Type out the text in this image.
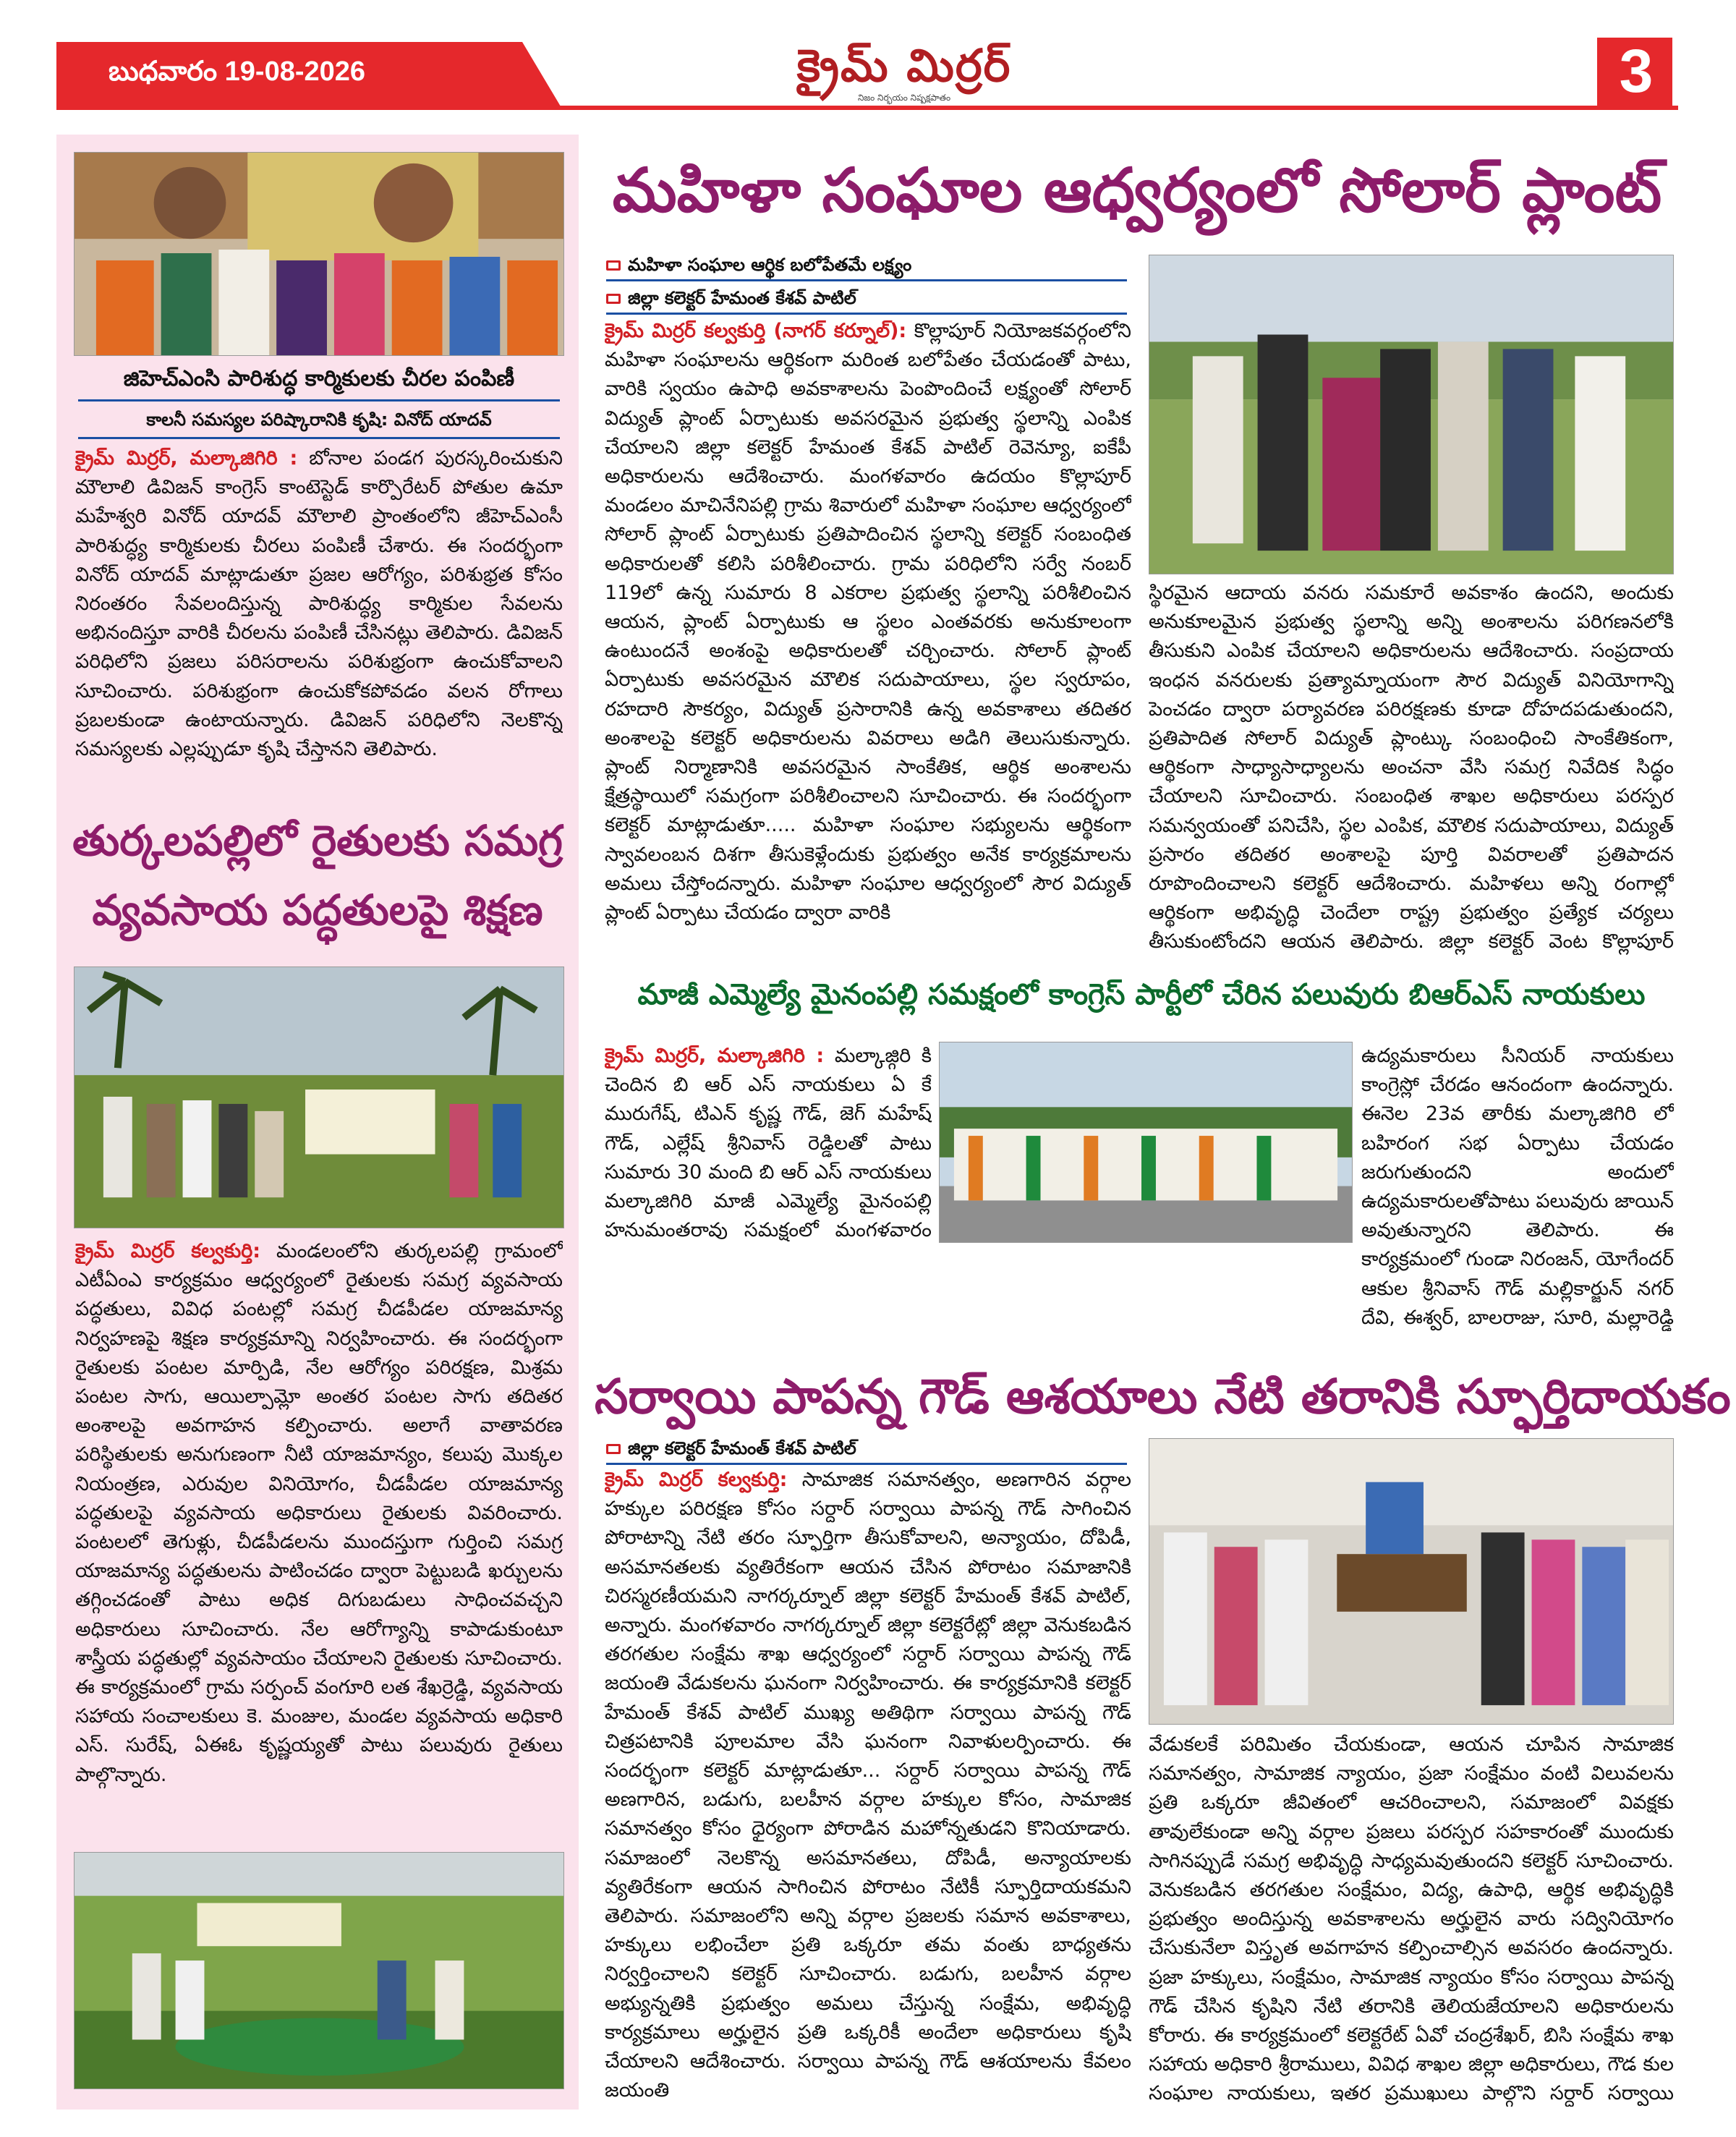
బుధవారం 19-08-2026	క్రైమ్ మిర్రర్
నిజం నిర్భయం నిష్పక్షపాతం	3
జిహెచ్ఎంసి పారిశుద్ధ కార్మికులకు చీరల పంపిణీ
కాలనీ సమస్యల పరిష్కారానికి కృషి: వినోద్ యాదవ్
క్రైమ్ మిర్రర్, మల్కాజిగిరి : బోనాల పండగ పురస్కరించుకుని మౌలాలి డివిజన్ కాంగ్రెస్ కాంటెస్టెడ్ కార్పొరేటర్ పోతుల ఉమా మహేశ్వరి వినోద్ యాదవ్ మౌలాలి ప్రాంతంలోని జీహెచ్ఎంసీ పారిశుద్ధ్య కార్మికులకు చీరలు పంపిణీ చేశారు. ఈ సందర్భంగా వినోద్ యాదవ్ మాట్లాడుతూ ప్రజల ఆరోగ్యం, పరిశుభ్రత కోసం నిరంతరం సేవలందిస్తున్న పారిశుద్ధ్య కార్మికుల సేవలను అభినందిస్తూ వారికి చీరలను పంపిణీ చేసినట్లు తెలిపారు. డివిజన్ పరిధిలోని ప్రజలు పరిసరాలను పరిశుభ్రంగా ఉంచుకోవాలని సూచించారు. పరిశుభ్రంగా ఉంచుకోకపోవడం వలన రోగాలు ప్రబలకుండా ఉంటాయన్నారు. డివిజన్ పరిధిలోని నెలకొన్న సమస్యలకు ఎల్లప్పుడూ కృషి చేస్తానని తెలిపారు.
తుర్కలపల్లిలో రైతులకు సమగ్ర
వ్యవసాయ పద్ధతులపై శిక్షణ
క్రైమ్ మిర్రర్ కల్వకుర్తి: మండలంలోని తుర్కలపల్లి గ్రామంలో ఎటీఏంఎ కార్యక్రమం ఆధ్వర్యంలో రైతులకు సమగ్ర వ్యవసాయ పద్ధతులు, వివిధ పంటల్లో సమగ్ర చీడపీడల యాజమాన్య నిర్వహణపై శిక్షణ కార్యక్రమాన్ని నిర్వహించారు. ఈ సందర్భంగా రైతులకు పంటల మార్పిడి, నేల ఆరోగ్యం పరిరక్షణ, మిశ్రమ పంటల సాగు, ఆయిల్పామ్లో అంతర పంటల సాగు తదితర అంశాలపై అవగాహన కల్పించారు. అలాగే వాతావరణ పరిస్థితులకు అనుగుణంగా నీటి యాజమాన్యం, కలుపు మొక్కల నియంత్రణ, ఎరువుల వినియోగం, చీడపీడల యాజమాన్య పద్ధతులపై వ్యవసాయ అధికారులు రైతులకు వివరించారు. పంటలలో తెగుళ్లు, చీడపీడలను ముందస్తుగా గుర్తించి సమగ్ర యాజమాన్య పద్ధతులను పాటించడం ద్వారా పెట్టుబడి ఖర్చులను తగ్గించడంతో పాటు అధిక దిగుబడులు సాధించవచ్చని అధికారులు సూచించారు. నేల ఆరోగ్యాన్ని కాపాడుకుంటూ శాస్త్రీయ పద్ధతుల్లో వ్యవసాయం చేయాలని రైతులకు సూచించారు. ఈ కార్యక్రమంలో గ్రామ సర్పంచ్ వంగూరి లత శేఖర్రెడ్డి, వ్యవసాయ సహాయ సంచాలకులు కె. మంజుల, మండల వ్యవసాయ అధికారి ఎస్. సురేష్, ఏఈఓ కృష్ణయ్యతో పాటు పలువురు రైతులు పాల్గొన్నారు.
మహిళా సంఘాల ఆధ్వర్యంలో సోలార్ ప్లాంట్
మహిళా సంఘాల ఆర్థిక బలోపేతమే లక్ష్యం
జిల్లా కలెక్టర్ హేమంత కేశవ్ పాటిల్
క్రైమ్ మిర్రర్ కల్వకుర్తి (నాగర్ కర్నూల్): కొల్లాపూర్ నియోజకవర్గంలోని మహిళా సంఘాలను ఆర్థికంగా మరింత బలోపేతం చేయడంతో పాటు, వారికి స్వయం ఉపాధి అవకాశాలను పెంపొందించే లక్ష్యంతో సోలార్ విద్యుత్ ప్లాంట్ ఏర్పాటుకు అవసరమైన ప్రభుత్వ స్థలాన్ని ఎంపిక చేయాలని జిల్లా కలెక్టర్ హేమంత కేశవ్ పాటిల్ రెవెన్యూ, ఐకేపీ అధికారులను ఆదేశించారు. మంగళవారం ఉదయం కొల్లాపూర్ మండలం మాచినేనిపల్లి గ్రామ శివారులో మహిళా సంఘాల ఆధ్వర్యంలో సోలార్ ప్లాంట్ ఏర్పాటుకు ప్రతిపాదించిన స్థలాన్ని కలెక్టర్ సంబంధిత అధికారులతో కలిసి పరిశీలించారు. గ్రామ పరిధిలోని సర్వే నంబర్ 119లో ఉన్న సుమారు 8 ఎకరాల ప్రభుత్వ స్థలాన్ని పరిశీలించిన ఆయన, ప్లాంట్ ఏర్పాటుకు ఆ స్థలం ఎంతవరకు అనుకూలంగా ఉంటుందనే అంశంపై అధికారులతో చర్చించారు. సోలార్ ప్లాంట్ ఏర్పాటుకు అవసరమైన మౌలిక సదుపాయాలు, స్థల స్వరూపం, రహదారి సౌకర్యం, విద్యుత్ ప్రసారానికి ఉన్న అవకాశాలు తదితర అంశాలపై కలెక్టర్ అధికారులను వివరాలు అడిగి తెలుసుకున్నారు. ప్లాంట్ నిర్మాణానికి అవసరమైన సాంకేతిక, ఆర్థిక అంశాలను క్షేత్రస్థాయిలో సమగ్రంగా పరిశీలించాలని సూచించారు. ఈ సందర్భంగా కలెక్టర్ మాట్లాడుతూ..... మహిళా సంఘాల సభ్యులను ఆర్థికంగా స్వావలంబన దిశగా తీసుకెళ్లేందుకు ప్రభుత్వం అనేక కార్యక్రమాలను అమలు చేస్తోందన్నారు. మహిళా సంఘాల ఆధ్వర్యంలో సౌర విద్యుత్ ప్లాంట్ ఏర్పాటు చేయడం ద్వారా వారికి
స్థిరమైన ఆదాయ వనరు సమకూరే అవకాశం ఉందని, అందుకు అనుకూలమైన ప్రభుత్వ స్థలాన్ని అన్ని అంశాలను పరిగణనలోకి తీసుకుని ఎంపిక చేయాలని అధికారులను ఆదేశించారు. సంప్రదాయ ఇంధన వనరులకు ప్రత్యామ్నాయంగా సౌర విద్యుత్ వినియోగాన్ని పెంచడం ద్వారా పర్యావరణ పరిరక్షణకు కూడా దోహదపడుతుందని, ప్రతిపాదిత సోలార్ విద్యుత్ ప్లాంట్కు సంబంధించి సాంకేతికంగా, ఆర్థికంగా సాధ్యాసాధ్యాలను అంచనా వేసి సమగ్ర నివేదిక సిద్ధం చేయాలని సూచించారు. సంబంధిత శాఖల అధికారులు పరస్పర సమన్వయంతో పనిచేసి, స్థల ఎంపిక, మౌలిక సదుపాయాలు, విద్యుత్ ప్రసారం తదితర అంశాలపై పూర్తి వివరాలతో ప్రతిపాదన రూపొందించాలని కలెక్టర్ ఆదేశించారు. మహిళలు అన్ని రంగాల్లో ఆర్థికంగా అభివృద్ధి చెందేలా రాష్ట్ర ప్రభుత్వం ప్రత్యేక చర్యలు తీసుకుంటోందని ఆయన తెలిపారు. జిల్లా కలెక్టర్ వెంట కొల్లాపూర్
మాజీ ఎమ్మెల్యే మైనంపల్లి సమక్షంలో కాంగ్రెస్ పార్టీలో చేరిన పలువురు బిఆర్ఎస్ నాయకులు
క్రైమ్ మిర్రర్, మల్కాజిగిరి : మల్కాజ్గిరి కి చెందిన బి ఆర్ ఎస్ నాయకులు ఏ కే మురుగేష్, టిఎన్ కృష్ణ గౌడ్, జెగ్ మహేష్ గౌడ్, ఎల్లేష్ శ్రీనివాస్ రెడ్డిలతో పాటు సుమారు 30 మంది బి ఆర్ ఎస్ నాయకులు మల్కాజిగిరి మాజీ ఎమ్మెల్యే మైనంపల్లి హనుమంతరావు సమక్షంలో మంగళవారం
ఉద్యమకారులు సీనియర్ నాయకులు కాంగ్రెస్లో చేరడం ఆనందంగా ఉందన్నారు. ఈనెల 23వ తారీకు మల్కాజిగిరి లో బహిరంగ సభ ఏర్పాటు చేయడం జరుగుతుందని అందులో ఉద్యమకారులతోపాటు పలువురు జాయిన్ అవుతున్నారని తెలిపారు. ఈ కార్యక్రమంలో గుండా నిరంజన్, యోగేందర్ ఆకుల శ్రీనివాస్ గౌడ్ మల్లికార్జున్ నగర్ దేవి, ఈశ్వర్, బాలరాజు, సూరి, మల్లారెడ్డి
సర్వాయి పాపన్న గౌడ్ ఆశయాలు నేటి తరానికి స్ఫూర్తిదాయకం
జిల్లా కలెక్టర్ హేమంత్ కేశవ్ పాటిల్
క్రైమ్ మిర్రర్ కల్వకుర్తి: సామాజిక సమానత్వం, అణగారిన వర్గాల హక్కుల పరిరక్షణ కోసం సర్దార్ సర్వాయి పాపన్న గౌడ్ సాగించిన పోరాటాన్ని నేటి తరం స్ఫూర్తిగా తీసుకోవాలని, అన్యాయం, దోపిడీ, అసమానతలకు వ్యతిరేకంగా ఆయన చేసిన పోరాటం సమాజానికి చిరస్మరణీయమని నాగర్కర్నూల్ జిల్లా కలెక్టర్ హేమంత్ కేశవ్ పాటిల్, అన్నారు. మంగళవారం నాగర్కర్నూల్ జిల్లా కలెక్టరేట్లో జిల్లా వెనుకబడిన తరగతుల సంక్షేమ శాఖ ఆధ్వర్యంలో సర్దార్ సర్వాయి పాపన్న గౌడ్ జయంతి వేడుకలను ఘనంగా నిర్వహించారు. ఈ కార్యక్రమానికి కలెక్టర్ హేమంత్ కేశవ్ పాటిల్ ముఖ్య అతిథిగా సర్వాయి పాపన్న గౌడ్ చిత్రపటానికి పూలమాల వేసి ఘనంగా నివాళులర్పించారు. ఈ సందర్భంగా కలెక్టర్ మాట్లాడుతూ... సర్దార్ సర్వాయి పాపన్న గౌడ్ అణగారిన, బడుగు, బలహీన వర్గాల హక్కుల కోసం, సామాజిక సమానత్వం కోసం ధైర్యంగా పోరాడిన మహోన్నతుడని కొనియాడారు. సమాజంలో నెలకొన్న అసమానతలు, దోపిడీ, అన్యాయాలకు వ్యతిరేకంగా ఆయన సాగించిన పోరాటం నేటికీ స్ఫూర్తిదాయకమని తెలిపారు. సమాజంలోని అన్ని వర్గాల ప్రజలకు సమాన అవకాశాలు, హక్కులు లభించేలా ప్రతి ఒక్కరూ తమ వంతు బాధ్యతను నిర్వర్తించాలని కలెక్టర్ సూచించారు. బడుగు, బలహీన వర్గాల అభ్యున్నతికి ప్రభుత్వం అమలు చేస్తున్న సంక్షేమ, అభివృద్ధి కార్యక్రమాలు అర్హులైన ప్రతి ఒక్కరికీ అందేలా అధికారులు కృషి చేయాలని ఆదేశించారు. సర్వాయి పాపన్న గౌడ్ ఆశయాలను కేవలం జయంతి
వేడుకలకే పరిమితం చేయకుండా, ఆయన చూపిన సామాజిక సమానత్వం, సామాజిక న్యాయం, ప్రజా సంక్షేమం వంటి విలువలను ప్రతి ఒక్కరూ జీవితంలో ఆచరించాలని, సమాజంలో వివక్షకు తావులేకుండా అన్ని వర్గాల ప్రజలు పరస్పర సహకారంతో ముందుకు సాగినప్పుడే సమగ్ర అభివృద్ధి సాధ్యమవుతుందని కలెక్టర్ సూచించారు. వెనుకబడిన తరగతుల సంక్షేమం, విద్య, ఉపాధి, ఆర్థిక అభివృద్ధికి ప్రభుత్వం అందిస్తున్న అవకాశాలను అర్హులైన వారు సద్వినియోగం చేసుకునేలా విస్తృత అవగాహన కల్పించాల్సిన అవసరం ఉందన్నారు. ప్రజా హక్కులు, సంక్షేమం, సామాజిక న్యాయం కోసం సర్వాయి పాపన్న గౌడ్ చేసిన కృషిని నేటి తరానికి తెలియజేయాలని అధికారులను కోరారు. ఈ కార్యక్రమంలో కలెక్టరేట్ ఏవో చంద్రశేఖర్, బిసి సంక్షేమ శాఖ సహాయ అధికారి శ్రీరాములు, వివిధ శాఖల జిల్లా అధికారులు, గౌడ కుల సంఘాల నాయకులు, ఇతర ప్రముఖులు పాల్గొని సర్దార్ సర్వాయి
